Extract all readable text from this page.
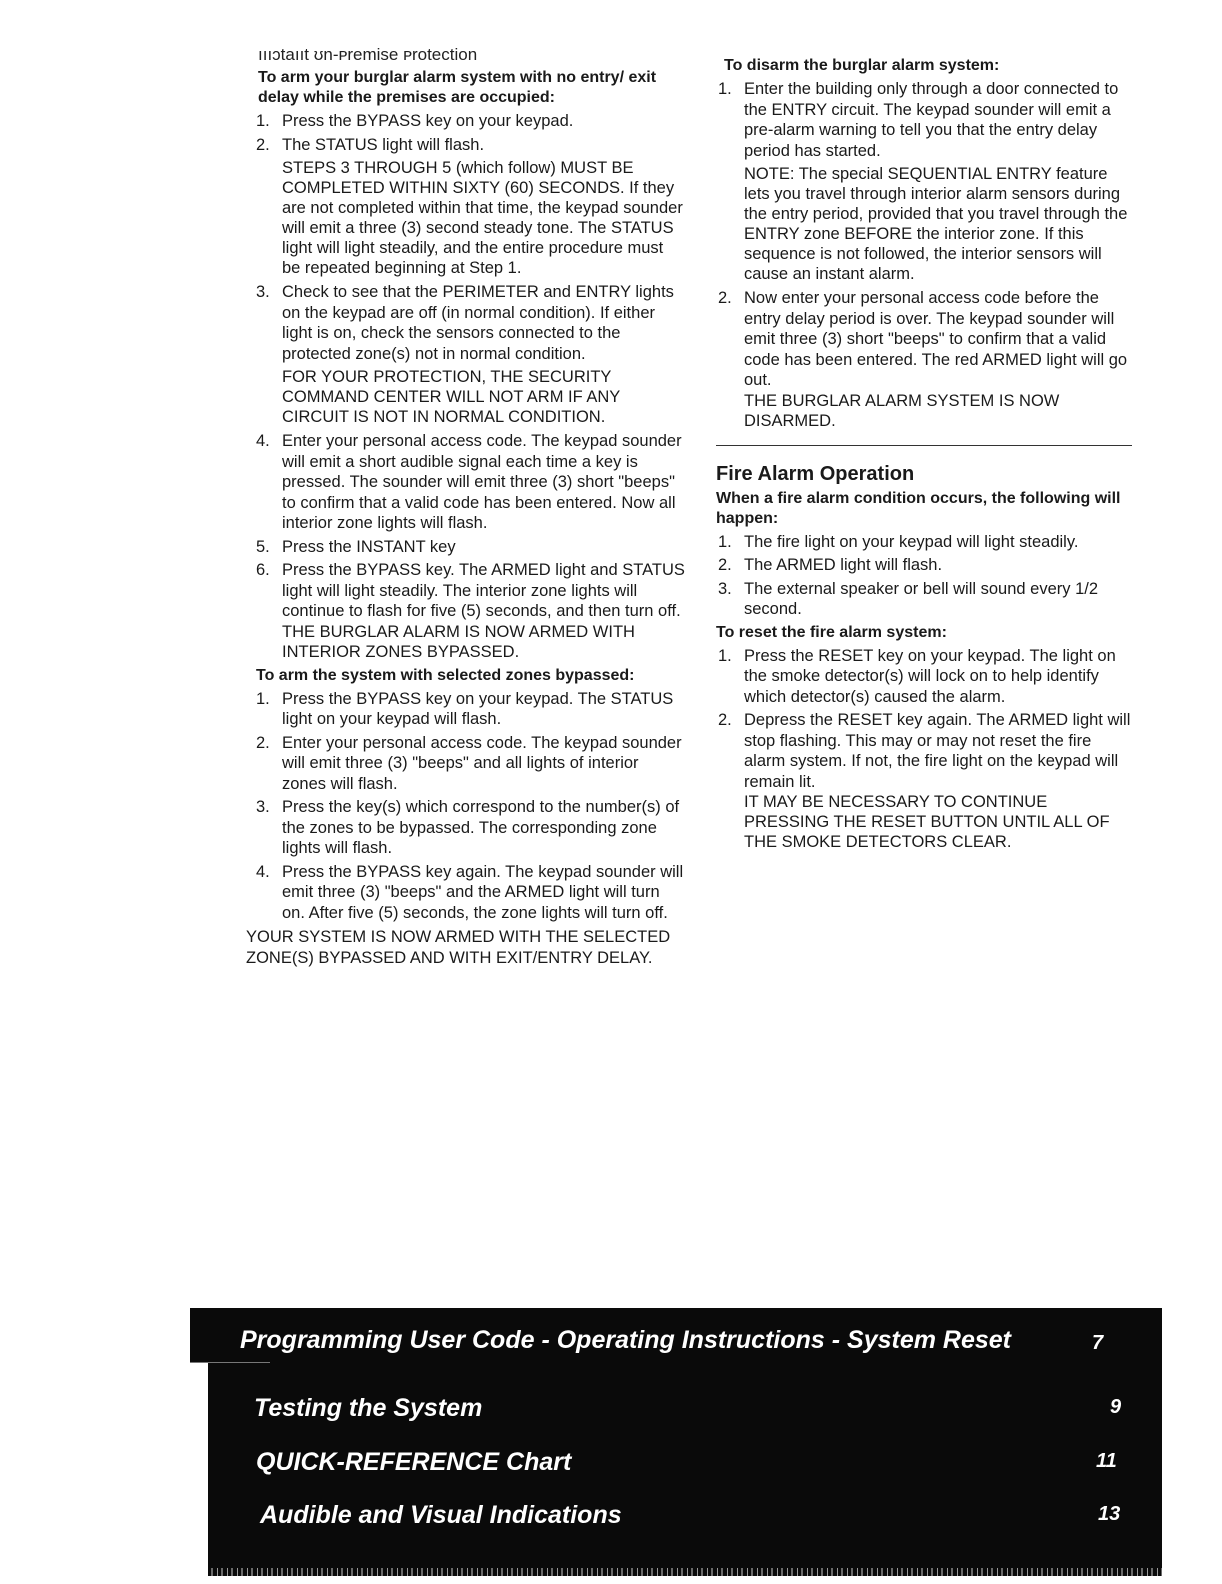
ıııɔtaııt ʊn-ᴘremise ᴘrotection
To arm your burglar alarm system with no entry/ exit delay while the premises are occupied:
1. Press the BYPASS key on your keypad.
2. The STATUS light will flash.
STEPS 3 THROUGH 5 (which follow) MUST BE COMPLETED WITHIN SIXTY (60) SECONDS. If they are not completed within that time, the keypad sounder will emit a three (3) second steady tone. The STATUS light will light steadily, and the entire procedure must be repeated beginning at Step 1.
3. Check to see that the PERIMETER and ENTRY lights on the keypad are off (in normal condition). If either light is on, check the sensors connected to the protected zone(s) not in normal condition.
FOR YOUR PROTECTION, THE SECURITY COMMAND CENTER WILL NOT ARM IF ANY CIRCUIT IS NOT IN NORMAL CONDITION.
4. Enter your personal access code. The keypad sounder will emit a short audible signal each time a key is pressed. The sounder will emit three (3) short "beeps" to confirm that a valid code has been entered. Now all interior zone lights will flash.
5. Press the INSTANT key
6. Press the BYPASS key. The ARMED light and STATUS light will light steadily. The interior zone lights will continue to flash for five (5) seconds, and then turn off.
THE BURGLAR ALARM IS NOW ARMED WITH INTERIOR ZONES BYPASSED.
To arm the system with selected zones bypassed:
1. Press the BYPASS key on your keypad. The STATUS light on your keypad will flash.
2. Enter your personal access code. The keypad sounder will emit three (3) "beeps" and all lights of interior zones will flash.
3. Press the key(s) which correspond to the number(s) of the zones to be bypassed. The corresponding zone lights will flash.
4. Press the BYPASS key again. The keypad sounder will emit three (3) "beeps" and the ARMED light will turn on. After five (5) seconds, the zone lights will turn off.
YOUR SYSTEM IS NOW ARMED WITH THE SELECTED ZONE(S) BYPASSED AND WITH EXIT/ENTRY DELAY.
To disarm the burglar alarm system:
1. Enter the building only through a door connected to the ENTRY circuit. The keypad sounder will emit a pre-alarm warning to tell you that the entry delay period has started.
NOTE: The special SEQUENTIAL ENTRY feature lets you travel through interior alarm sensors during the entry period, provided that you travel through the ENTRY zone BEFORE the interior zone. If this sequence is not followed, the interior sensors will cause an instant alarm.
2. Now enter your personal access code before the entry delay period is over. The keypad sounder will emit three (3) short "beeps" to confirm that a valid code has been entered. The red ARMED light will go out.
THE BURGLAR ALARM SYSTEM IS NOW DISARMED.
Fire Alarm Operation
When a fire alarm condition occurs, the following will happen:
1. The fire light on your keypad will light steadily.
2. The ARMED light will flash.
3. The external speaker or bell will sound every 1/2 second.
To reset the fire alarm system:
1. Press the RESET key on your keypad. The light on the smoke detector(s) will lock on to help identify which detector(s) caused the alarm.
2. Depress the RESET key again. The ARMED light will stop flashing. This may or may not reset the fire alarm system. If not, the fire light on the keypad will remain lit.
IT MAY BE NECESSARY TO CONTINUE PRESSING THE RESET BUTTON UNTIL ALL OF THE SMOKE DETECTORS CLEAR.
Programming User Code - Operating Instructions - System Reset	7
Testing the System	9
QUICK-REFERENCE Chart	11
Audible and Visual Indications	13
